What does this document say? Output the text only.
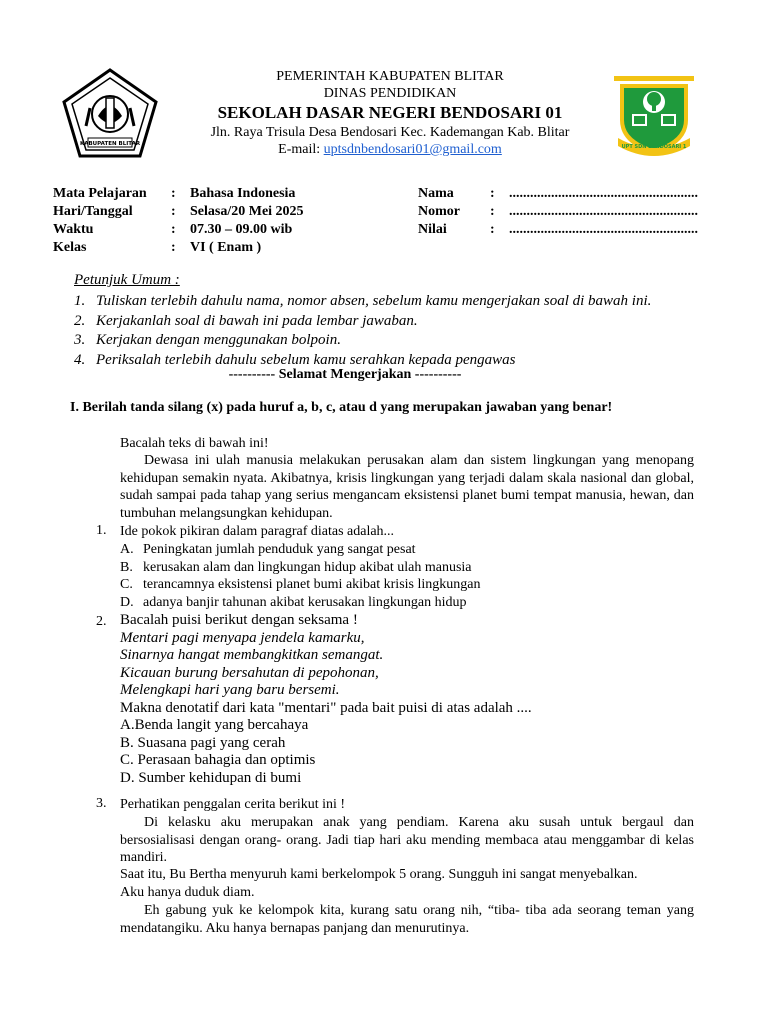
KABUPATEN BLITAR	UPT SDN BENDOSARI 1
PEMERINTAH KABUPATEN BLITAR
DINAS PENDIDIKAN
SEKOLAH DASAR NEGERI BENDOSARI 01
Jln. Raya Trisula Desa Bendosari Kec. Kademangan Kab. Blitar
E-mail: uptsdnbendosari01@gmail.com
Mata Pelajaran : Bahasa Indonesia
Hari/Tanggal	: Selasa/20 Mei 2025
Waktu	: 07.30 – 09.00 wib
Kelas	: VI ( Enam )
Nama	: ......................................................
Nomor : ......................................................
Nilai	: ......................................................
Petunjuk Umum :
1. Tuliskan terlebih dahulu nama, nomor absen, sebelum kamu mengerjakan soal di bawah ini.
2. Kerjakanlah soal di bawah ini pada lembar jawaban.
3. Kerjakan dengan menggunakan bolpoin.
4. Periksalah terlebih dahulu sebelum kamu serahkan kepada pengawas
---------- Selamat Mengerjakan ----------
I. Berilah tanda silang (x) pada huruf a, b, c, atau d yang merupakan jawaban yang benar!
Bacalah teks di bawah ini!
Dewasa ini ulah manusia melakukan perusakan alam dan sistem lingkungan yang menopang kehidupan semakin nyata. Akibatnya, krisis lingkungan yang terjadi dalam skala nasional dan global, sudah sampai pada tahap yang serius mengancam eksistensi planet bumi tempat manusia, hewan, dan tumbuhan melangsungkan kehidupan.
1. Ide pokok pikiran dalam paragraf diatas adalah...
A. Peningkatan jumlah penduduk yang sangat pesat
B. kerusakan alam dan lingkungan hidup akibat ulah manusia
C. terancamnya eksistensi planet bumi akibat krisis lingkungan
D. adanya banjir tahunan akibat kerusakan lingkungan hidup
2. Bacalah puisi berikut dengan seksama !
Mentari pagi menyapa jendela kamarku,
Sinarnya hangat membangkitkan semangat.
Kicauan burung bersahutan di pepohonan,
Melengkapi hari yang baru bersemi.
Makna denotatif dari kata "mentari" pada bait puisi di atas adalah ....
A.Benda langit yang bercahaya
B. Suasana pagi yang cerah
C. Perasaan bahagia dan optimis
D. Sumber kehidupan di bumi
3. Perhatikan penggalan cerita berikut ini !
Di kelasku aku merupakan anak yang pendiam. Karena aku susah untuk bergaul dan bersosialisasi dengan orang- orang. Jadi tiap hari aku mending membaca atau menggambar di kelas mandiri.
Saat itu, Bu Bertha menyuruh kami berkelompok 5 orang. Sungguh ini sangat menyebalkan.
Aku hanya duduk diam.
Eh gabung yuk ke kelompok kita, kurang satu orang nih, “tiba- tiba ada seorang teman yang mendatangiku. Aku hanya bernapas panjang dan menurutinya.
